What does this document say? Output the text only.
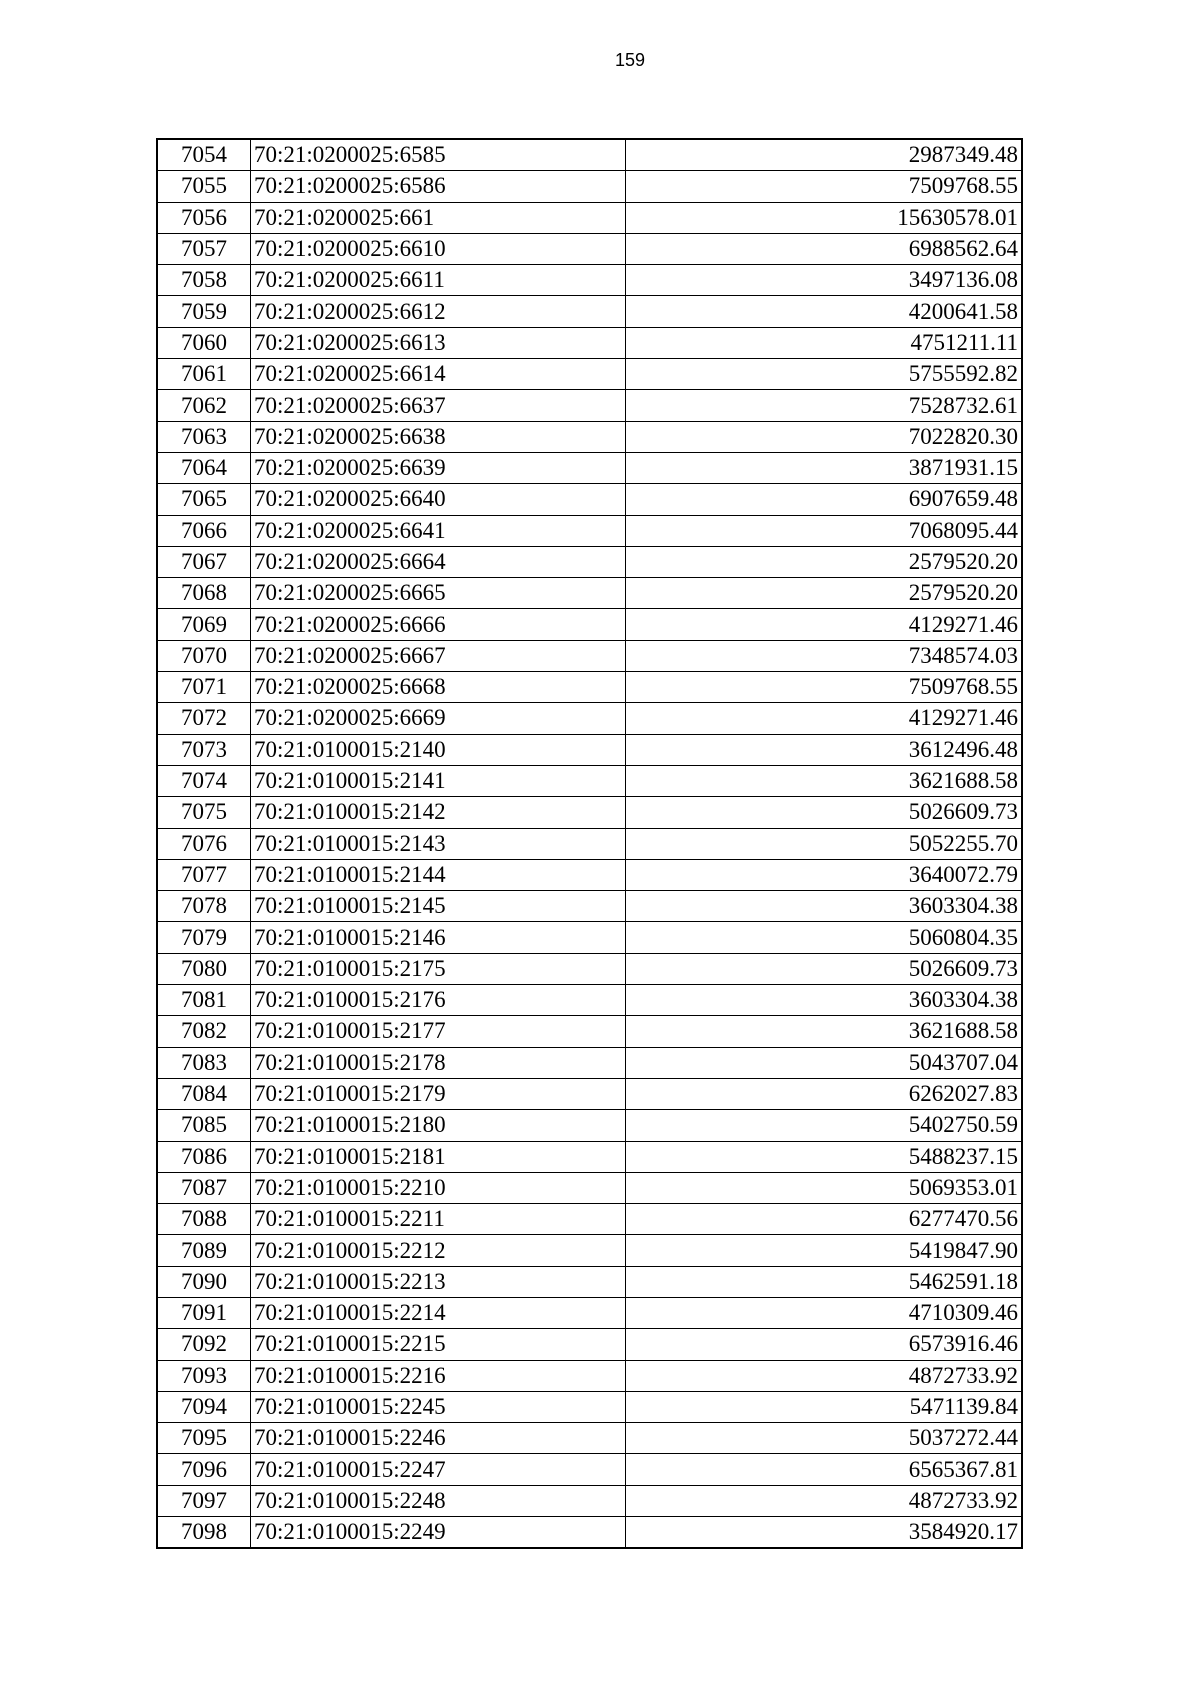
159
7054	70:21:0200025:6585	2987349.48
7055	70:21:0200025:6586	7509768.55
7056	70:21:0200025:661	15630578.01
7057	70:21:0200025:6610	6988562.64
7058	70:21:0200025:6611	3497136.08
7059	70:21:0200025:6612	4200641.58
7060	70:21:0200025:6613	4751211.11
7061	70:21:0200025:6614	5755592.82
7062	70:21:0200025:6637	7528732.61
7063	70:21:0200025:6638	7022820.30
7064	70:21:0200025:6639	3871931.15
7065	70:21:0200025:6640	6907659.48
7066	70:21:0200025:6641	7068095.44
7067	70:21:0200025:6664	2579520.20
7068	70:21:0200025:6665	2579520.20
7069	70:21:0200025:6666	4129271.46
7070	70:21:0200025:6667	7348574.03
7071	70:21:0200025:6668	7509768.55
7072	70:21:0200025:6669	4129271.46
7073	70:21:0100015:2140	3612496.48
7074	70:21:0100015:2141	3621688.58
7075	70:21:0100015:2142	5026609.73
7076	70:21:0100015:2143	5052255.70
7077	70:21:0100015:2144	3640072.79
7078	70:21:0100015:2145	3603304.38
7079	70:21:0100015:2146	5060804.35
7080	70:21:0100015:2175	5026609.73
7081	70:21:0100015:2176	3603304.38
7082	70:21:0100015:2177	3621688.58
7083	70:21:0100015:2178	5043707.04
7084	70:21:0100015:2179	6262027.83
7085	70:21:0100015:2180	5402750.59
7086	70:21:0100015:2181	5488237.15
7087	70:21:0100015:2210	5069353.01
7088	70:21:0100015:2211	6277470.56
7089	70:21:0100015:2212	5419847.90
7090	70:21:0100015:2213	5462591.18
7091	70:21:0100015:2214	4710309.46
7092	70:21:0100015:2215	6573916.46
7093	70:21:0100015:2216	4872733.92
7094	70:21:0100015:2245	5471139.84
7095	70:21:0100015:2246	5037272.44
7096	70:21:0100015:2247	6565367.81
7097	70:21:0100015:2248	4872733.92
7098	70:21:0100015:2249	3584920.17
